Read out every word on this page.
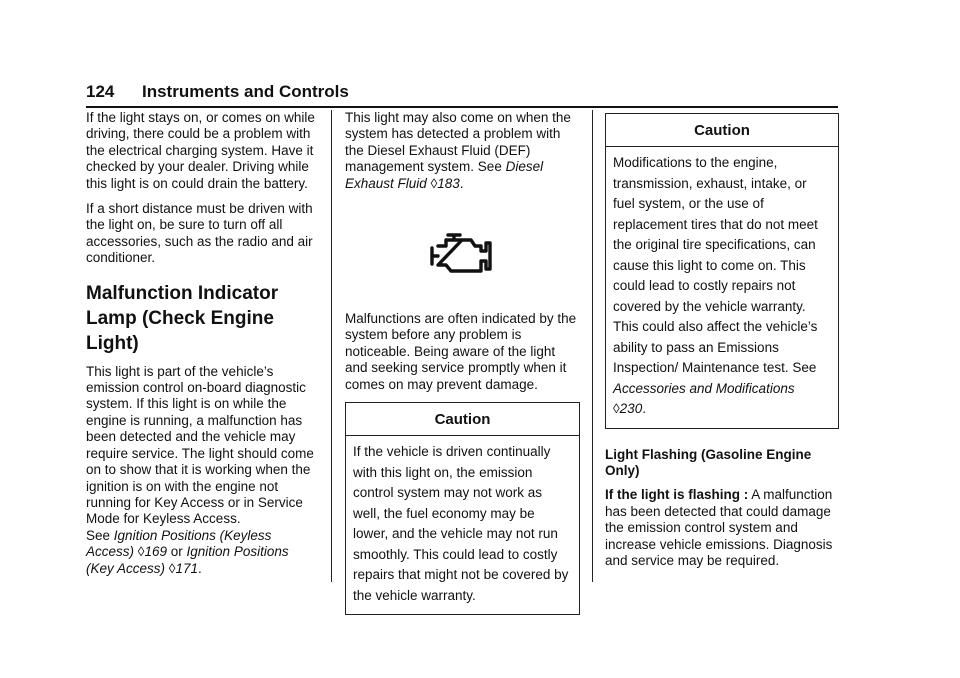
124 Instruments and Controls

If the light stays on, or comes on while driving, there could be a problem with the electrical charging system. Have it checked by your dealer. Driving while this light is on could drain the battery.

If a short distance must be driven with the light on, be sure to turn off all accessories, such as the radio and air conditioner.

Malfunction Indicator Lamp (Check Engine Light)

This light is part of the vehicle’s emission control on-board diagnostic system. If this light is on while the engine is running, a malfunction has been detected and the vehicle may require service. The light should come on to show that it is working when the ignition is on with the engine not running for Key Access or in Service Mode for Keyless Access.
See Ignition Positions (Keyless Access) ◊169 or Ignition Positions (Key Access) ◊171.

This light may also come on when the system has detected a problem with the Diesel Exhaust Fluid (DEF) management system. See Diesel Exhaust Fluid ◊183.

Malfunctions are often indicated by the system before any problem is noticeable. Being aware of the light and seeking service promptly when it comes on may prevent damage.

Caution
If the vehicle is driven continually with this light on, the emission control system may not work as well, the fuel economy may be lower, and the vehicle may not run smoothly. This could lead to costly repairs that might not be covered by the vehicle warranty.
Caution
Modifications to the engine, transmission, exhaust, intake, or fuel system, or the use of replacement tires that do not meet the original tire specifications, can cause this light to come on. This could lead to costly repairs not covered by the vehicle warranty. This could also affect the vehicle’s ability to pass an Emissions Inspection/ Maintenance test. See
Accessories and Modifications
◊230.

Light Flashing (Gasoline Engine Only)

If the light is flashing : A malfunction has been detected that could damage the emission control system and increase vehicle emissions. Diagnosis and service may be required.
